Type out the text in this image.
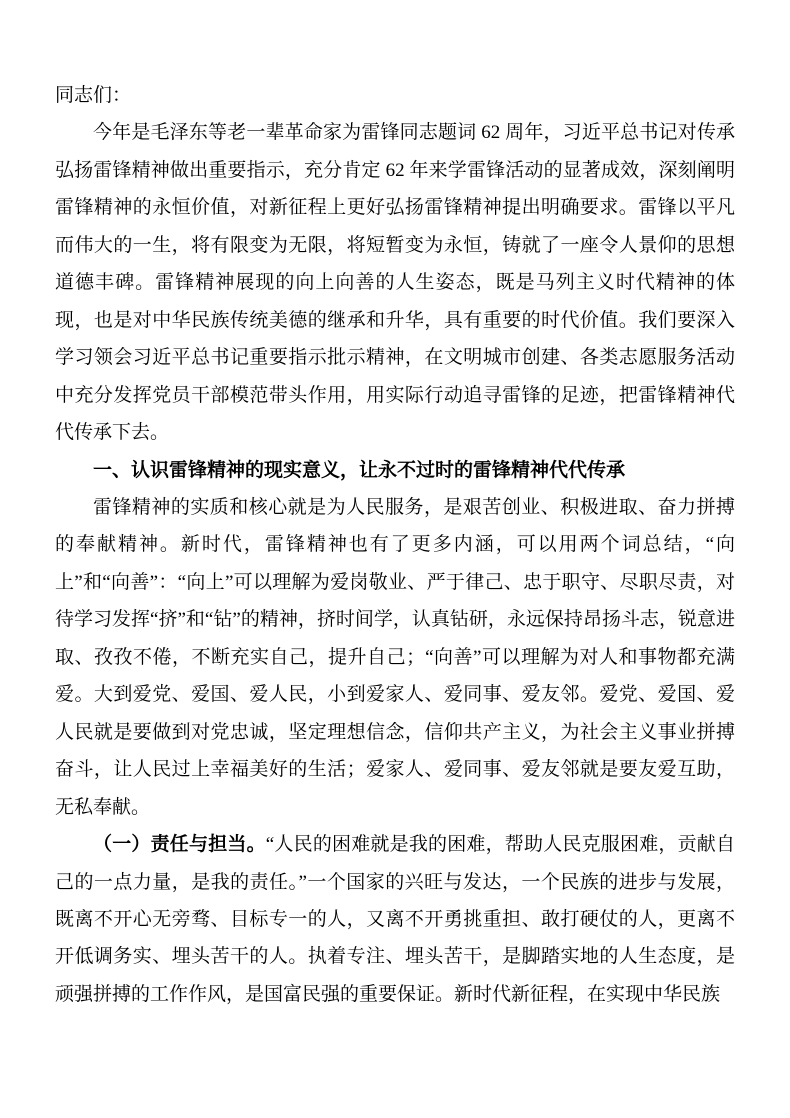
同志们：

今年是毛泽东等老一辈革命家为雷锋同志题词 62 周年，习近平总书记对传承弘扬雷锋精神做出重要指示，充分肯定 62 年来学雷锋活动的显著成效，深刻阐明雷锋精神的永恒价值，对新征程上更好弘扬雷锋精神提出明确要求。雷锋以平凡而伟大的一生，将有限变为无限，将短暂变为永恒，铸就了一座令人景仰的思想道德丰碑。雷锋精神展现的向上向善的人生姿态，既是马列主义时代精神的体现，也是对中华民族传统美德的继承和升华，具有重要的时代价值。我们要深入学习领会习近平总书记重要指示批示精神，在文明城市创建、各类志愿服务活动中充分发挥党员干部模范带头作用，用实际行动追寻雷锋的足迹，把雷锋精神代代传承下去。

一、认识雷锋精神的现实意义，让永不过时的雷锋精神代代传承

雷锋精神的实质和核心就是为人民服务，是艰苦创业、积极进取、奋力拼搏的奉献精神。新时代，雷锋精神也有了更多内涵，可以用两个词总结，“向上”和“向善”：“向上”可以理解为爱岗敬业、严于律己、忠于职守、尽职尽责，对待学习发挥“挤”和“钻”的精神，挤时间学，认真钻研，永远保持昂扬斗志，锐意进取、孜孜不倦，不断充实自己，提升自己；“向善”可以理解为对人和事物都充满爱。大到爱党、爱国、爱人民，小到爱家人、爱同事、爱友邻。爱党、爱国、爱人民就是要做到对党忠诚，坚定理想信念，信仰共产主义，为社会主义事业拼搏奋斗，让人民过上幸福美好的生活；爱家人、爱同事、爱友邻就是要友爱互助，无私奉献。

（一）责任与担当。“人民的困难就是我的困难，帮助人民克服困难，贡献自己的一点力量，是我的责任。”一个国家的兴旺与发达，一个民族的进步与发展，既离不开心无旁骛、目标专一的人，又离不开勇挑重担、敢打硬仗的人，更离不开低调务实、埋头苦干的人。执着专注、埋头苦干，是脚踏实地的人生态度，是顽强拼搏的工作作风，是国富民强的重要保证。新时代新征程，在实现中华民族
